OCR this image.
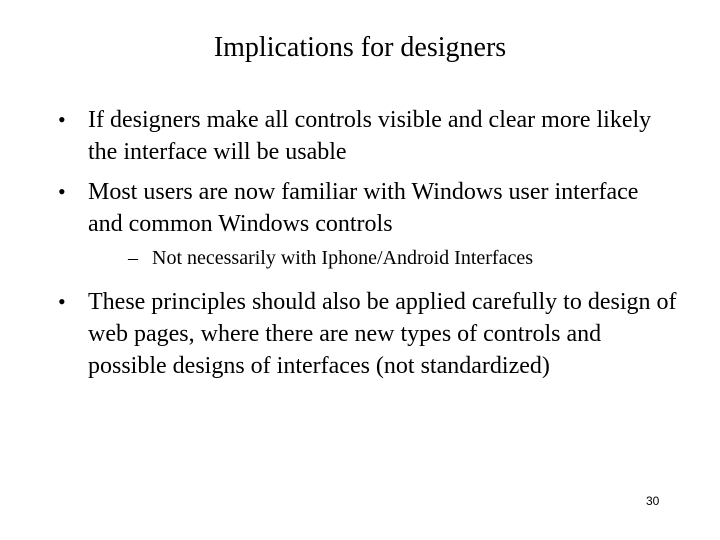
Implications for designers
• If designers make all controls visible and clear more likely the interface will be usable
• Most users are now familiar with Windows user interface and common Windows controls
– Not necessarily with Iphone/Android Interfaces
• These principles should also be applied carefully to design of web pages, where there are new types of controls and possible designs of interfaces (not standardized)
30
